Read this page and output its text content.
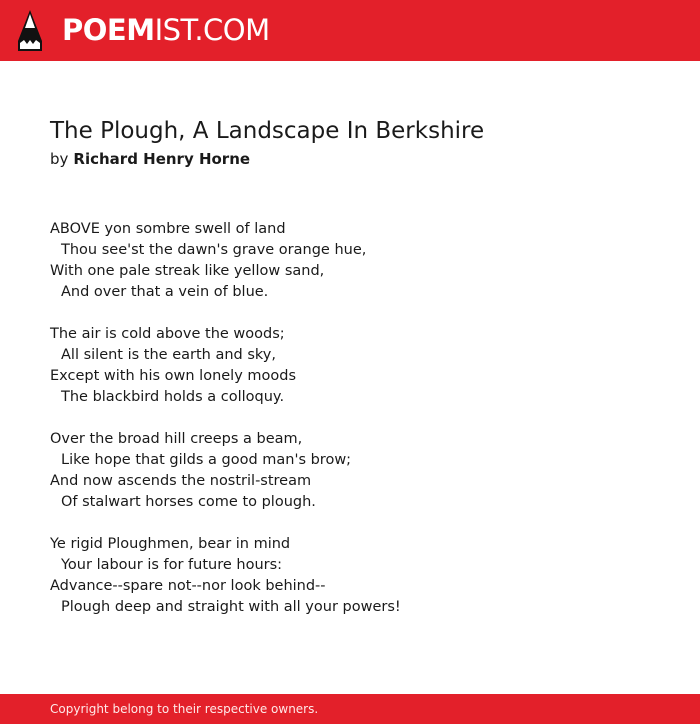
POEMIST.COM
The Plough, A Landscape In Berkshire
by Richard Henry Horne
ABOVE yon sombre swell of land
Thou see'st the dawn's grave orange hue,
With one pale streak like yellow sand,
And over that a vein of blue.
The air is cold above the woods;
All silent is the earth and sky,
Except with his own lonely moods
The blackbird holds a colloquy.
Over the broad hill creeps a beam,
Like hope that gilds a good man's brow;
And now ascends the nostril-stream
Of stalwart horses come to plough.
Ye rigid Ploughmen, bear in mind
Your labour is for future hours:
Advance--spare not--nor look behind--
Plough deep and straight with all your powers!
Copyright belong to their respective owners.
